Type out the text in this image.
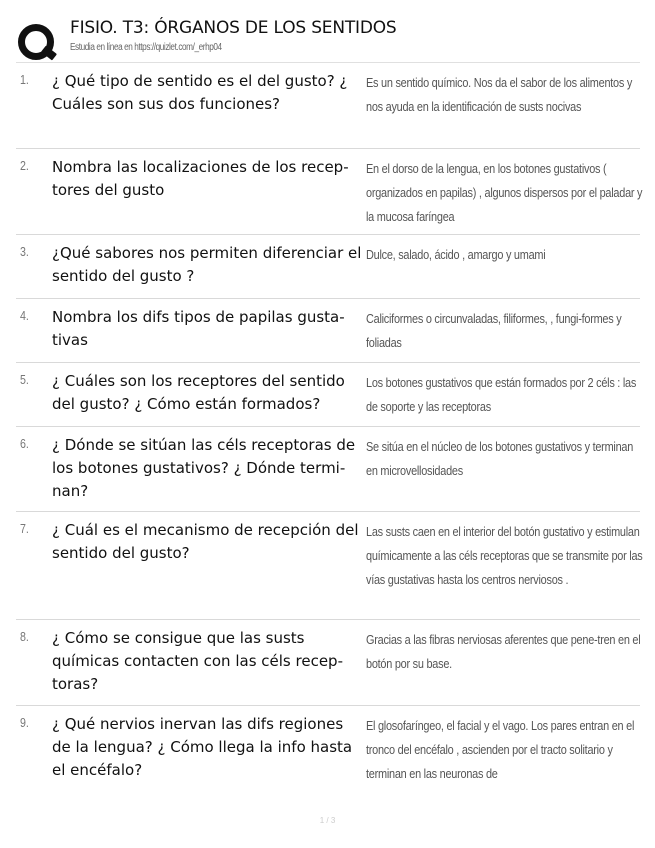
FISIO. T3: ÓRGANOS DE LOS SENTIDOS
Estudia en línea en https://quizlet.com/_erhp04
1. ¿ Qué tipo de sentido es el del gusto? ¿ Cuáles son sus dos funciones?
Es un sentido químico. Nos da el sabor de los alimentos y nos ayuda en la identificación de susts nocivas
2. Nombra las localizaciones de los recep-tores del gusto
En el dorso de la lengua, en los botones gustativos ( organizados en papilas) , algunos dispersos por el paladar y la mucosa faríngea
3. ¿Qué sabores nos permiten diferenciar el sentido del gusto ?
Dulce, salado, ácido , amargo y umami
4. Nombra los difs tipos de papilas gusta-tivas
Caliciformes o circunvaladas, filiformes, , fungi-formes y foliadas
5. ¿ Cuáles son los receptores del sentido del gusto? ¿ Cómo están formados?
Los botones gustativos que están formados por 2 céls : las de soporte y las receptoras
6. ¿ Dónde se sitúan las céls receptoras de los botones gustativos? ¿ Dónde termi-nan?
Se sitúa en el núcleo de los botones gustativos y terminan en microvellosidades
7. ¿ Cuál es el mecanismo de recepción del sentido del gusto?
Las susts caen en el interior del botón gustativo y estimulan químicamente a las céls receptoras que se transmite por las vías gustativas hasta los centros nerviosos .
8. ¿ Cómo se consigue que las susts químicas contacten con las céls recep-toras?
Gracias a las fibras nerviosas aferentes que pene-tren en el botón por su base.
9. ¿ Qué nervios inervan las difs regiones de la lengua? ¿ Cómo llega la info hasta el encéfalo?
El glosofaríngeo, el facial y el vago. Los pares entran en el tronco del encéfalo , ascienden por el tracto solitario y terminan en las neuronas de
1 / 3
